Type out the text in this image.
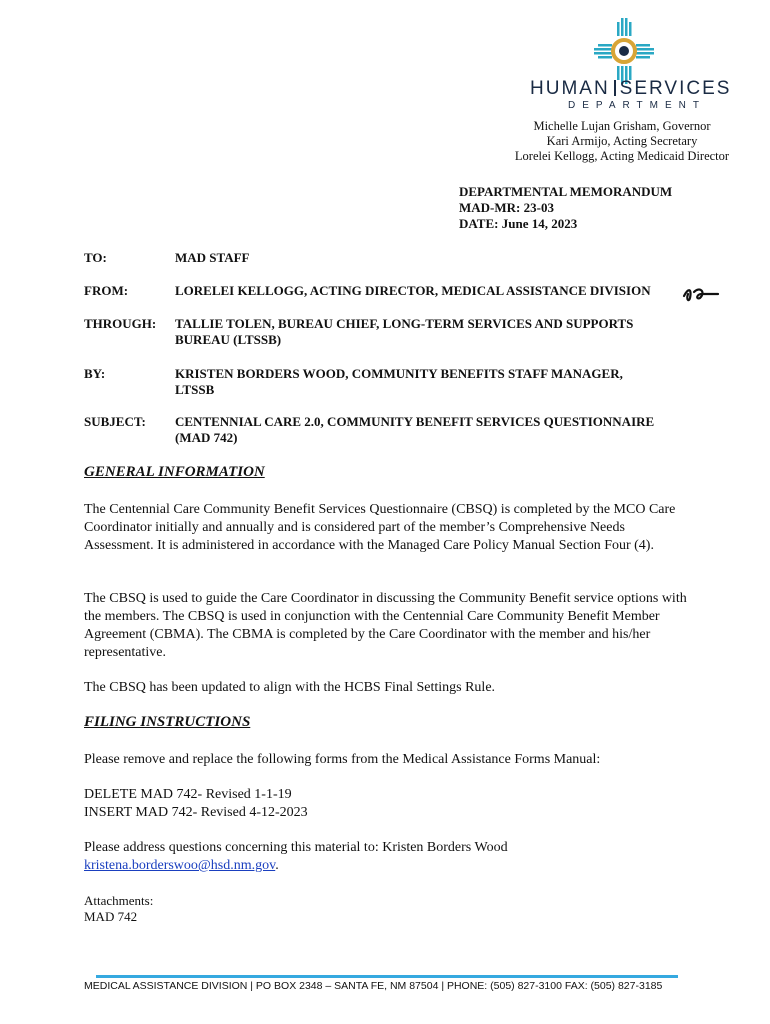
HUMAN SERVICES
DEPARTMENT
Michelle Lujan Grisham, Governor
Kari Armijo, Acting Secretary
Lorelei Kellogg, Acting Medicaid Director
DEPARTMENTAL MEMORANDUM
MAD-MR: 23-03
DATE: June 14, 2023
TO:	MAD STAFF
FROM:	LORELEI KELLOGG, ACTING DIRECTOR, MEDICAL ASSISTANCE DIVISION
THROUGH:	TALLIE TOLEN, BUREAU CHIEF, LONG-TERM SERVICES AND SUPPORTS
BUREAU (LTSSB)
BY:	KRISTEN BORDERS WOOD, COMMUNITY BENEFITS STAFF MANAGER,
LTSSB
SUBJECT:	CENTENNIAL CARE 2.0, COMMUNITY BENEFIT SERVICES QUESTIONNAIRE
(MAD 742)
GENERAL INFORMATION
The Centennial Care Community Benefit Services Questionnaire (CBSQ) is completed by the MCO Care Coordinator initially and annually and is considered part of the member’s Comprehensive Needs Assessment. It is administered in accordance with the Managed Care Policy Manual Section Four (4).
The CBSQ is used to guide the Care Coordinator in discussing the Community Benefit service options with the members. The CBSQ is used in conjunction with the Centennial Care Community Benefit Member Agreement (CBMA). The CBMA is completed by the Care Coordinator with the member and his/her representative.
The CBSQ has been updated to align with the HCBS Final Settings Rule.
FILING INSTRUCTIONS
Please remove and replace the following forms from the Medical Assistance Forms Manual:
DELETE MAD 742- Revised 1-1-19
INSERT MAD 742- Revised 4-12-2023
Please address questions concerning this material to: Kristen Borders Wood
kristena.borderswoo@hsd.nm.gov.
Attachments:
MAD 742
MEDICAL ASSISTANCE DIVISION | PO BOX 2348 – SANTA FE, NM 87504 | PHONE: (505) 827-3100 FAX: (505) 827-3185
